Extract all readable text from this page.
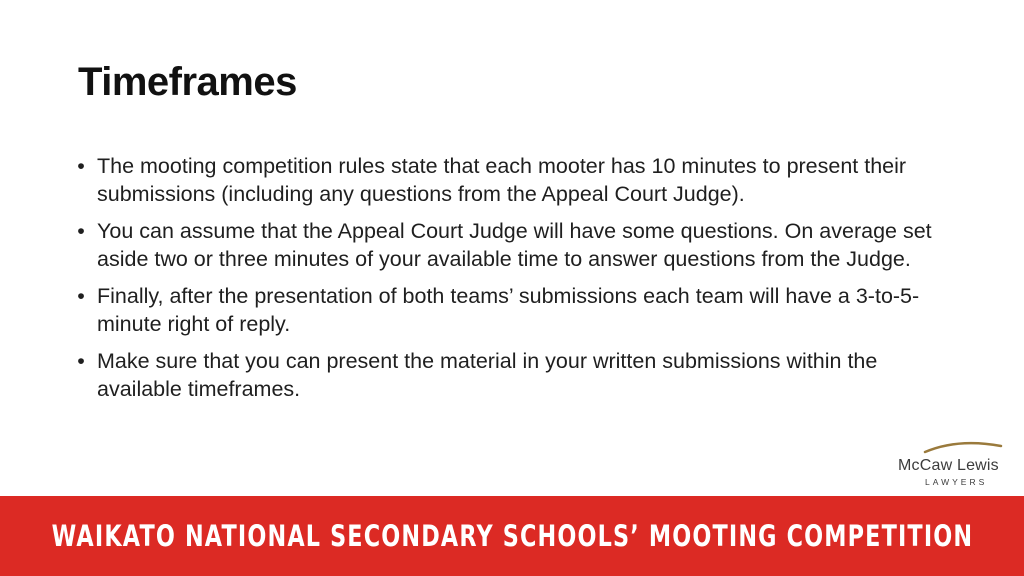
Timeframes
• The mooting competition rules state that each mooter has 10 minutes to present their submissions (including any questions from the Appeal Court Judge).
• You can assume that the Appeal Court Judge will have some questions. On average set aside two or three minutes of your available time to answer questions from the Judge.
• Finally, after the presentation of both teams’ submissions each team will have a 3-to-5-minute right of reply.
• Make sure that you can present the material in your written submissions within the available timeframes.
McCaw Lewis
LAWYERS
WAIKATO NATIONAL SECONDARY SCHOOLS’ MOOTING COMPETITION
